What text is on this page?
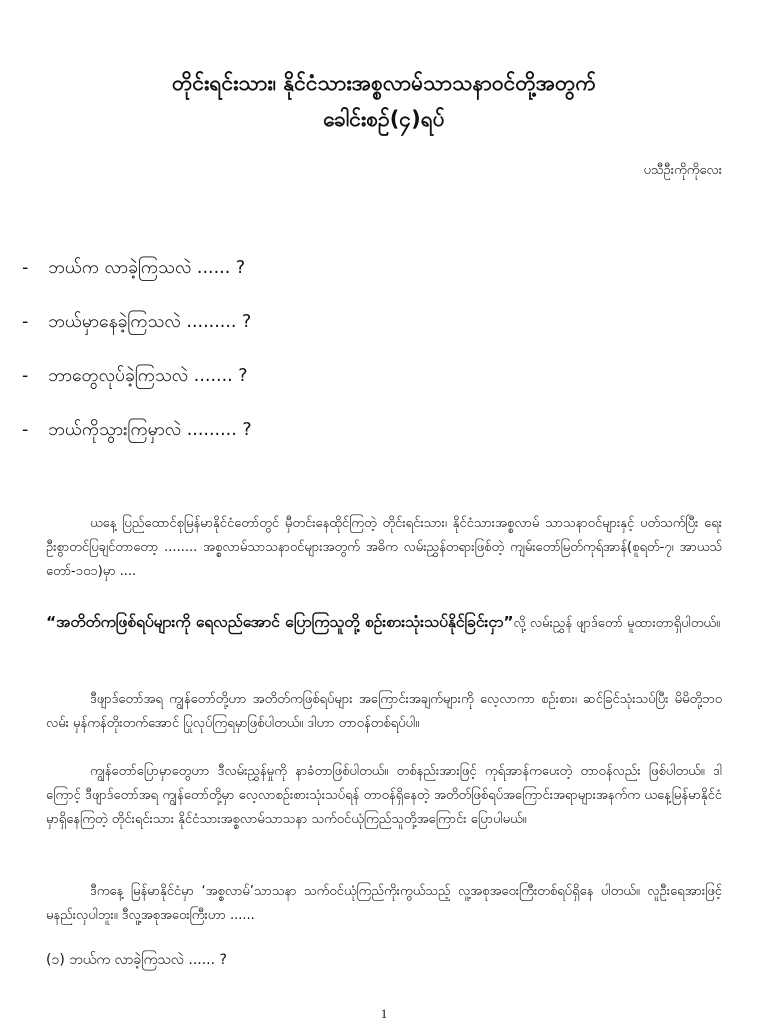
တိုင်းရင်းသား၊ နိုင်ငံသားအစ္စလာမ်သာသနာဝင်တို့အတွက်
ခေါင်းစဉ်(၄)ရပ်
ပသီဦးကိုကိုလေး
-	ဘယ်က လာခဲ့ကြသလဲ ...... ?
-	ဘယ်မှာနေခဲ့ကြသလဲ ......... ?
-	ဘာတွေလုပ်ခဲ့ကြသလဲ ....... ?
-	ဘယ်ကိုသွားကြမှာလဲ ......... ?

ယနေ့ ပြည်ထောင်စုမြန်မာနိုင်ငံတော်တွင် မှီတင်းနေထိုင်ကြတဲ့ တိုင်းရင်းသား၊ နိုင်ငံသားအစ္စလာမ် သာသနာဝင်များနှင့် ပတ်သက်ပြီး ရေးဦးစွာတင်ပြချင်တာတော့ ........ အစ္စလာမ်သာသနာဝင်များအတွက် အဓိက လမ်းညွှန်တရားဖြစ်တဲ့ ကျမ်းတော်မြတ်ကုရ်အာန်(စူရတ်-၇၊ အာယသ်တော်-၁၀၁)မှာ ....

“အတိတ်ကဖြစ်ရပ်များကို ရေလည်အောင် ပြောကြသူတို့ စဉ်းစားသုံးသပ်နိုင်ခြင်းငှာ”လို့ လမ်းညွှန် ဖျာဒ်တော် မူထားတာရှိပါတယ်။

ဒီဖျာဒ်တော်အရ ကျွန်တော်တို့ဟာ အတိတ်ကဖြစ်ရပ်များ အကြောင်းအချက်များကို လေ့လာကာ စဉ်းစား၊ ဆင်ခြင်သုံးသပ်ပြီး မိမိတို့ဘဝလမ်း မှန်ကန်တိုးတက်အောင် ပြုလုပ်ကြရမှာဖြစ်ပါတယ်။ ဒါဟာ တာဝန်တစ်ရပ်ပါ။

ကျွန်တော်ပြောမှာတွေဟာ ဒီလမ်းညွှန်မှုကို နာခံတာဖြစ်ပါတယ်။ တစ်နည်းအားဖြင့် ကုရ်အာန်ကပေးတဲ့ တာဝန်လည်း ဖြစ်ပါတယ်။ ဒါကြောင့် ဒီဖျာဒ်တော်အရ ကျွန်တော်တို့မှာ လေ့လာစဉ်းစားသုံးသပ်ရန် တာဝန်ရှိနေတဲ့ အတိတ်ဖြစ်ရပ်အကြောင်းအရာများအနက်က ယနေ့မြန်မာနိုင်ငံမှာရှိနေကြတဲ့ တိုင်းရင်းသား နိုင်ငံသားအစ္စလာမ်သာသနာ သက်ဝင်ယုံကြည်သူတို့အကြောင်း ပြောပါမယ်။

ဒီကနေ့ မြန်မာနိုင်ငံမှာ ‘အစ္စလာမ်’သာသနာ သက်ဝင်ယုံကြည်ကိုးကွယ်သည့် လူ့အစုအဝေးကြီးတစ်ရပ်ရှိနေ ပါတယ်။ လူဦးရေအားဖြင့် မနည်းလှပါဘူး။ ဒီလူ့အစုအဝေးကြီးဟာ ......

(၁) ဘယ်က လာခဲ့ကြသလဲ ...... ?
1
